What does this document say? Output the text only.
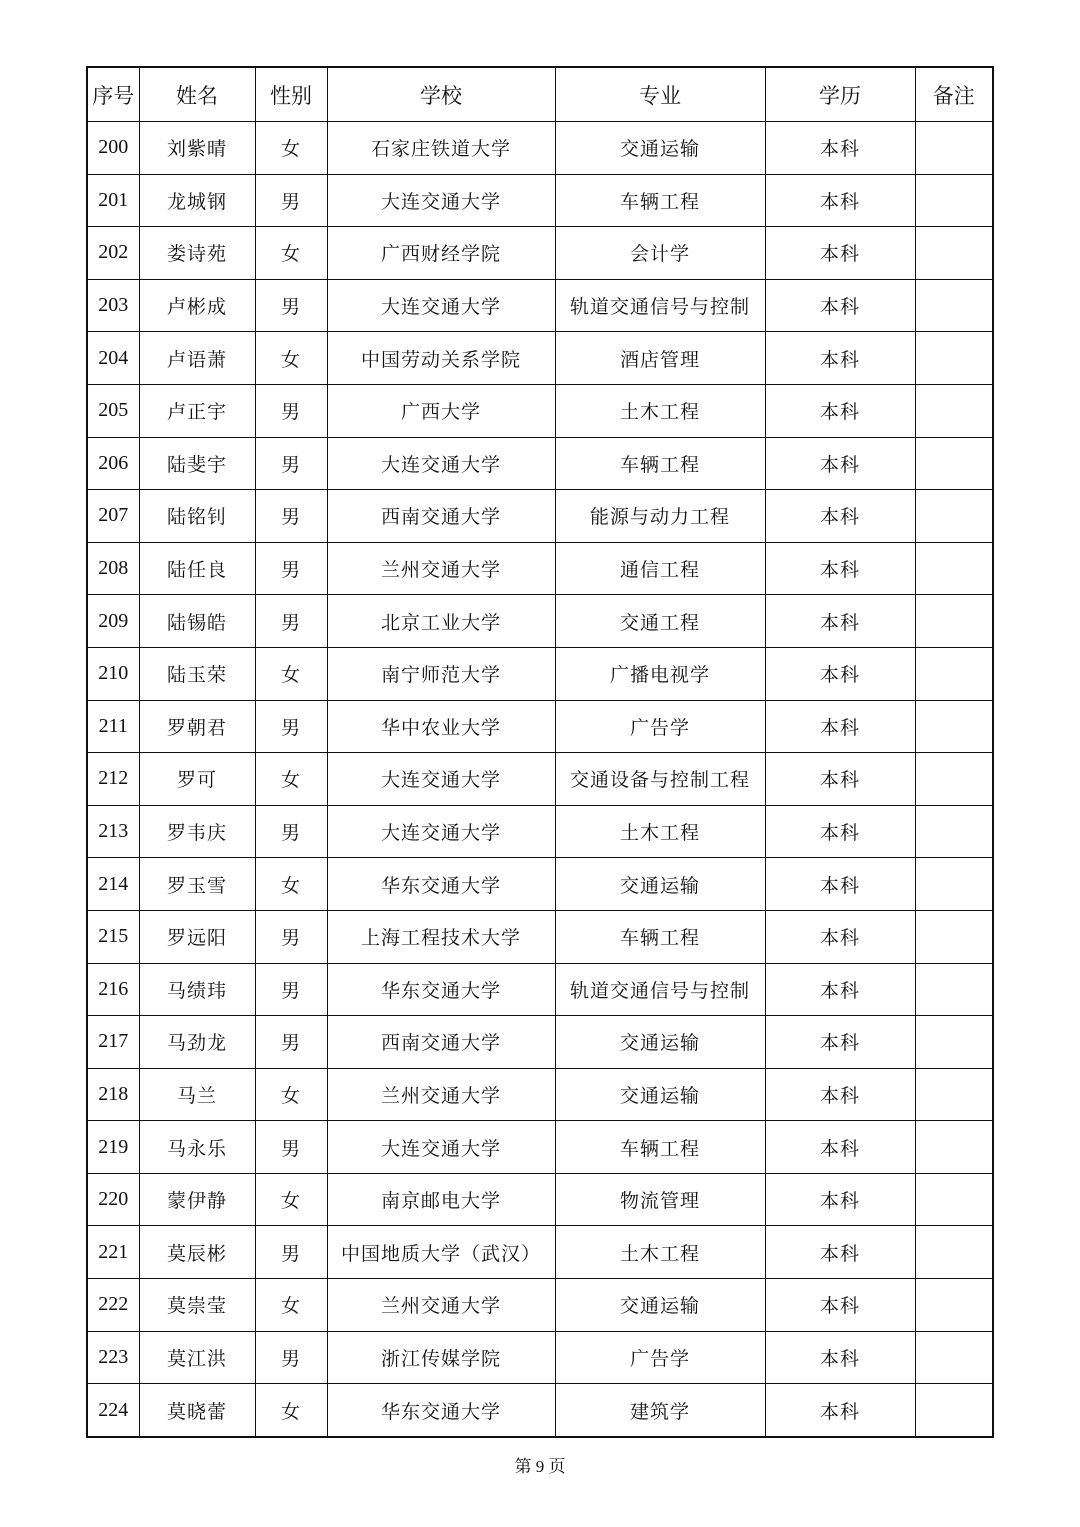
序号	姓名	性别	学校	专业	学历	备注
200	刘紫晴	女	石家庄铁道大学	交通运输	本科	
201	龙城钢	男	大连交通大学	车辆工程	本科	
202	娄诗苑	女	广西财经学院	会计学	本科	
203	卢彬成	男	大连交通大学	轨道交通信号与控制	本科	
204	卢语萧	女	中国劳动关系学院	酒店管理	本科	
205	卢正宇	男	广西大学	土木工程	本科	
206	陆斐宇	男	大连交通大学	车辆工程	本科	
207	陆铭钊	男	西南交通大学	能源与动力工程	本科	
208	陆任良	男	兰州交通大学	通信工程	本科	
209	陆锡皓	男	北京工业大学	交通工程	本科	
210	陆玉荣	女	南宁师范大学	广播电视学	本科	
211	罗朝君	男	华中农业大学	广告学	本科	
212	罗可	女	大连交通大学	交通设备与控制工程	本科	
213	罗韦庆	男	大连交通大学	土木工程	本科	
214	罗玉雪	女	华东交通大学	交通运输	本科	
215	罗远阳	男	上海工程技术大学	车辆工程	本科	
216	马绩玮	男	华东交通大学	轨道交通信号与控制	本科	
217	马劲龙	男	西南交通大学	交通运输	本科	
218	马兰	女	兰州交通大学	交通运输	本科	
219	马永乐	男	大连交通大学	车辆工程	本科	
220	蒙伊静	女	南京邮电大学	物流管理	本科	
221	莫辰彬	男	中国地质大学（武汉）	土木工程	本科	
222	莫崇莹	女	兰州交通大学	交通运输	本科	
223	莫江洪	男	浙江传媒学院	广告学	本科	
224	莫晓蕾	女	华东交通大学	建筑学	本科	
第 9 页
